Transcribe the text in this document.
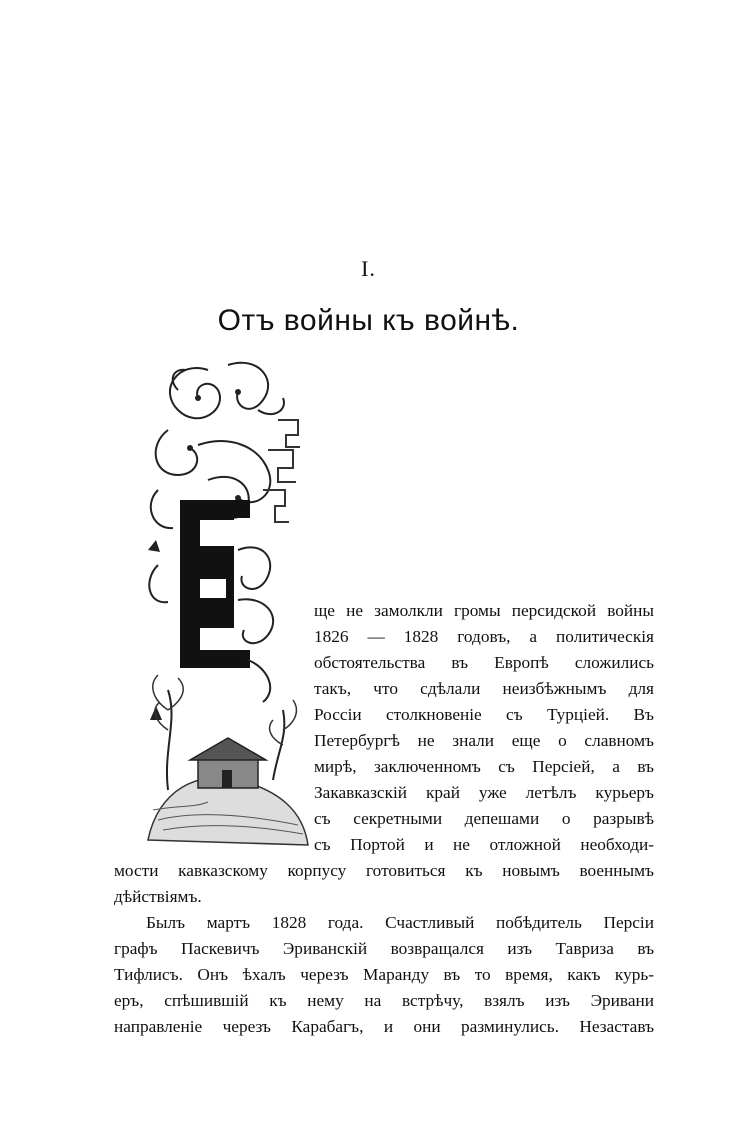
I.
Отъ войны къ войнѣ.
ще не замолкли громы персидской войны
1826 — 1828 годовъ, а политическія
обстоятельства въ Европѣ сложились
такъ, что сдѣлали неизбѣжнымъ для
Россіи столкновеніе съ Турціей. Въ
Петербургѣ не знали еще о славномъ
мирѣ, заключенномъ съ Персіей, а въ
Закавказскій край уже летѣлъ курьеръ
съ секретными депешами о разрывѣ
съ Портой и не отложной необходи-
мости кавказскому корпусу готовиться къ новымъ военнымъ
дѣйствіямъ.
Былъ мартъ 1828 года. Счастливый побѣдитель Персіи
графъ Паскевичъ Эриванскій возвращался изъ Тавриза въ
Тифлисъ. Онъ ѣхалъ черезъ Маранду въ то время, какъ курь-
еръ, спѣшившій къ нему на встрѣчу, взялъ изъ Эривани
направленіе черезъ Карабагъ, и они разминулись. Незаставъ
